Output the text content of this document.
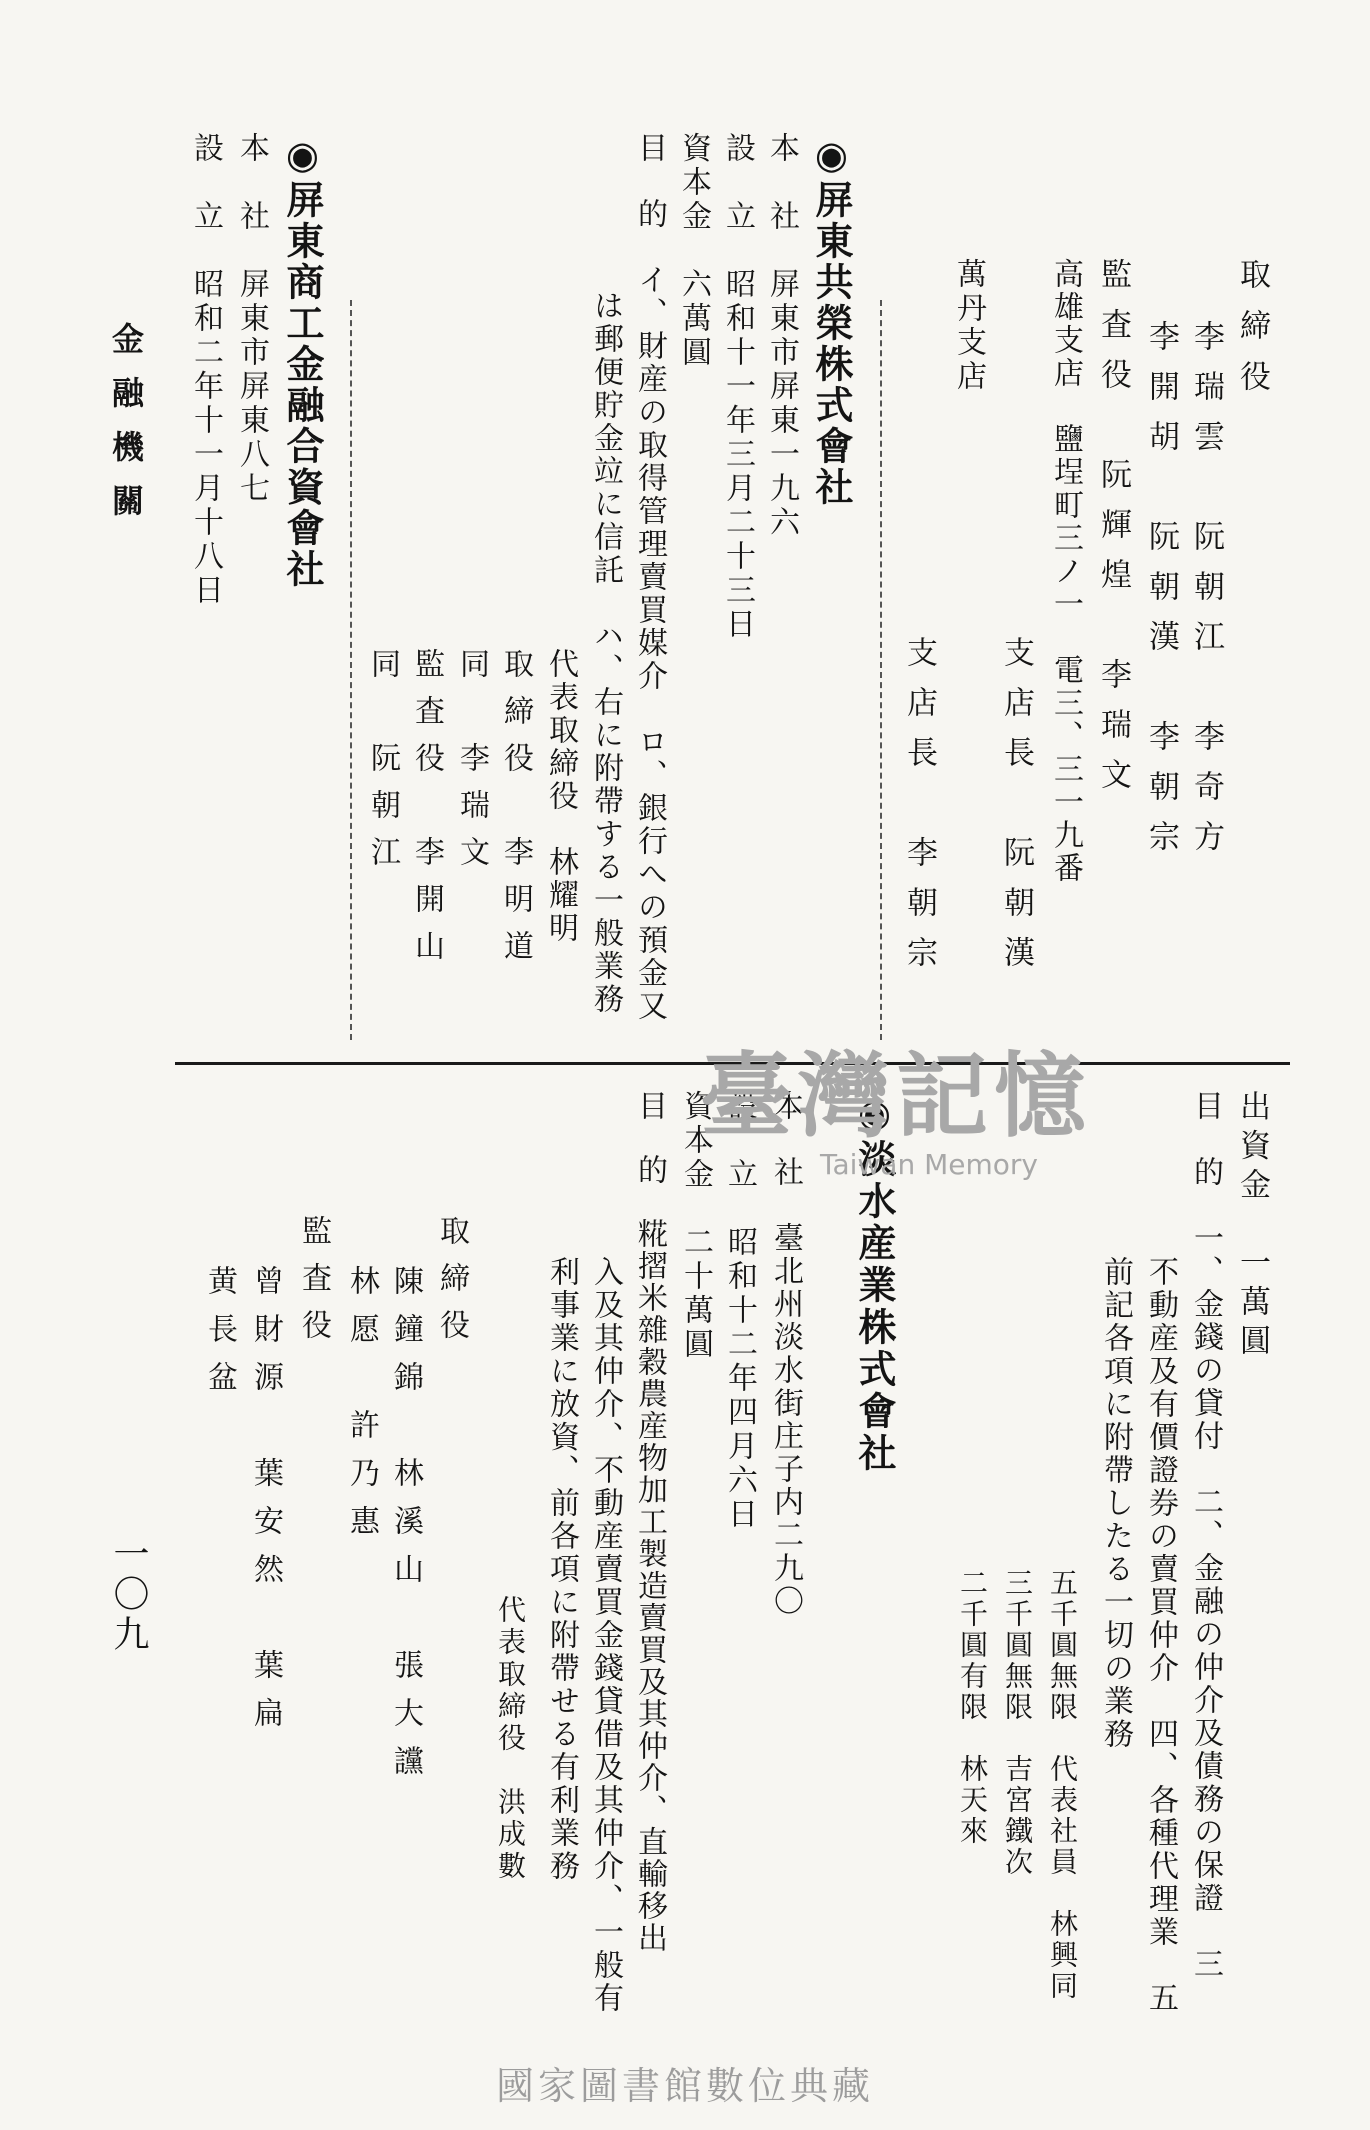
金融機關
一〇九
取締役
李瑞雲　阮朝江　李奇方
李開胡　阮朝漢　李朝宗
監査役　阮輝煌　李瑞文
高雄支店　鹽埕町三ノ一　電三、三一九番
支店長　阮朝漢
萬丹支店
支店長　李朝宗
◉屏東共榮株式會社
本　社　屏東市屏東一九六
設　立　昭和十一年三月二十三日
資本金　六萬圓
目　的　イ、財産の取得管理賣買媒介　ロ、銀行への預金又
は郵便貯金竝に信託　ハ、右に附帶する一般業務
代表取締役　林耀明
取締役　李明道
同　李瑞文
監査役　李開山
同　阮朝江
◉屏東商工金融合資會社
本　社　屏東市屏東八七
設　立　昭和二年十一月十八日
出資金　一萬圓
目　的　一、金錢の貸付　二、金融の仲介及債務の保證　三
不動産及有價證券の賣買仲介　四、各種代理業　五
前記各項に附帶したる一切の業務
五千圓無限　代表社員　林興同
三千圓無限　吉宮鐵次
二千圓有限　林天來
◉淡水産業株式會社
本　社　臺北州淡水街庄子内二九〇
設　立　昭和十二年四月六日
資本金　二十萬圓
目　的　糀摺米雜穀農産物加工製造賣買及其仲介、直輸移出
入及其仲介、不動産賣買金錢貸借及其仲介、一般有
利事業に放資、前各項に附帶せる有利業務
代表取締役　洪成數
取締役
陳鐘錦　林溪山　張大讜
林愿　許乃惠
監査役
曾財源　葉安然　葉扁
黄長盆
臺灣記憶
Taiwan Memory
國家圖書館數位典藏
